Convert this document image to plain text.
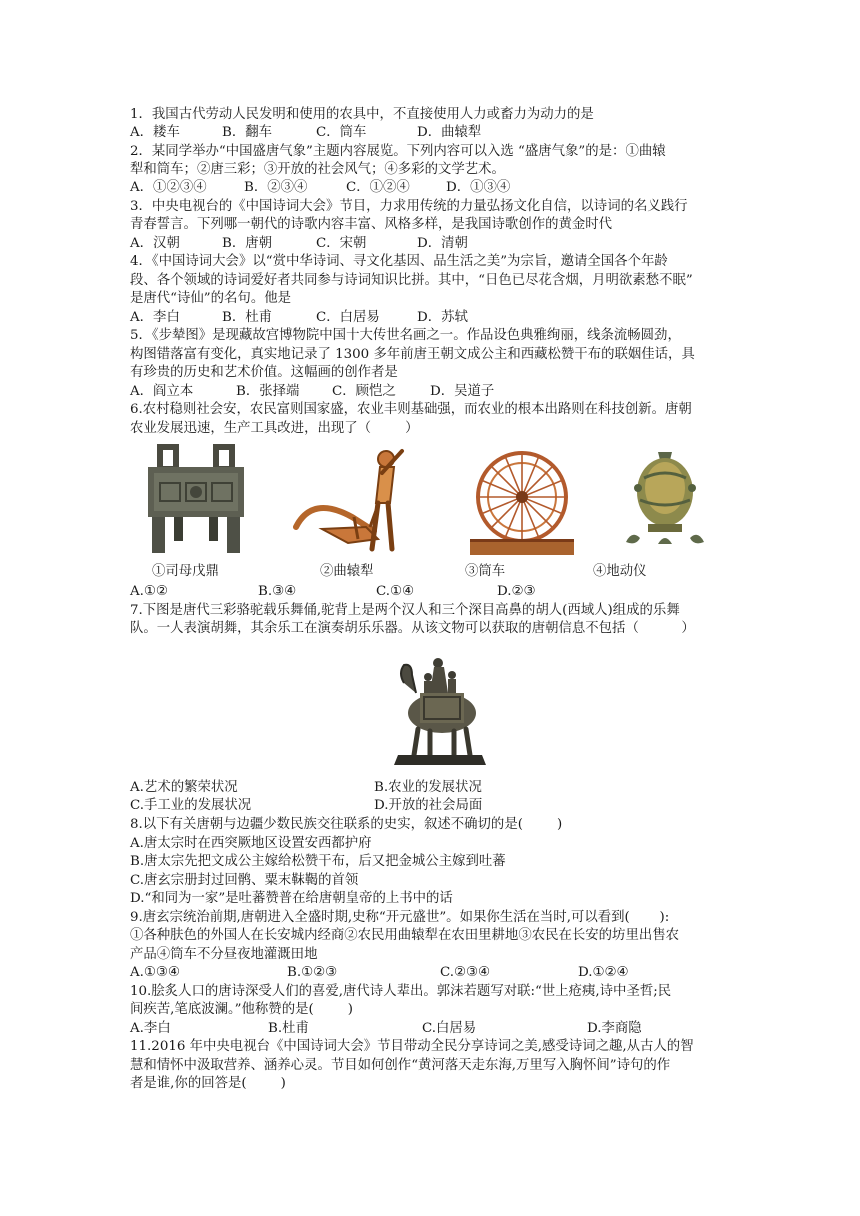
1．我国古代劳动人民发明和使用的农具中，不直接使用人力或畜力为动力的是
A．耧车	B．翻车	C．筒车	D．曲辕犁
2．某同学举办“中国盛唐气象”主题内容展览。下列内容可以入选 “盛唐气象”的是：①曲辕
犁和筒车；②唐三彩；③开放的社会风气；④多彩的文学艺术。
A．①②③④	B．②③④	C．①②④	D．①③④
3．中央电视台的《中国诗词大会》节目，力求用传统的力量弘扬文化自信，以诗词的名义践行
青春誓言。下列哪一朝代的诗歌内容丰富、风格多样，是我国诗歌创作的黄金时代
A．汉朝	B．唐朝	C．宋朝	D．清朝
4．《中国诗词大会》以“赏中华诗词、寻文化基因、品生活之美”为宗旨，邀请全国各个年龄
段、各个领域的诗词爱好者共同参与诗词知识比拼。其中，“日色已尽花含烟，月明欲素愁不眠”
是唐代“诗仙”的名句。他是
A．李白	B．杜甫	C．白居易	D．苏轼
5．《步辇图》是现藏故宫博物院中国十大传世名画之一。作品设色典雅绚丽，线条流畅圆劲，
构图错落富有变化，真实地记录了 1300 多年前唐王朝文成公主和西藏松赞干布的联姻佳话，具
有珍贵的历史和艺术价值。这幅画的创作者是
A．阎立本	B．张择端 C．顾恺之	D．吴道子
6.农村稳则社会安，农民富则国家盛，农业丰则基础强，而农业的根本出路则在科技创新。唐朝
农业发展迅速，生产工具改进，出现了（        ）
①司母戊鼎	②曲辕犁	③筒车	④地动仪
A.①②	B.③④	C.①④	D.②③
7.下图是唐代三彩骆驼载乐舞俑,驼背上是两个汉人和三个深目高鼻的胡人(西域人)组成的乐舞
队。一人表演胡舞，其余乐工在演奏胡乐乐器。从该文物可以获取的唐朝信息不包括（          ）
A.艺术的繁荣状况	B.农业的发展状况
C.手工业的发展状况	D.开放的社会局面
8.以下有关唐朝与边疆少数民族交往联系的史实，叙述不确切的是(        )
A.唐太宗时在西突厥地区设置安西都护府
B.唐太宗先把文成公主嫁给松赞干布，后又把金城公主嫁到吐蕃
C.唐玄宗册封过回鹘、粟末靺鞨的首领
D.“和同为一家”是吐蕃赞普在给唐朝皇帝的上书中的话
9.唐玄宗统治前期,唐朝进入全盛时期,史称“开元盛世”。如果你生活在当时,可以看到(       ):
①各种肤色的外国人在长安城内经商②农民用曲辕犁在农田里耕地③农民在长安的坊里出售农
产品④筒车不分昼夜地灌溉田地
A.①③④	B.①②③	C.②③④	D.①②④
10.脍炙人口的唐诗深受人们的喜爱,唐代诗人辈出。郭沫若题写对联:“世上疮痍,诗中圣哲;民
间疾苦,笔底波澜。”他称赞的是(        )
A.李白	B.杜甫	C.白居易	D.李商隐
11.2016 年中央电视台《中国诗词大会》节目带动全民分享诗词之美,感受诗词之趣,从古人的智
慧和情怀中汲取营养、涵养心灵。节目如何创作“黄河落天走东海,万里写入胸怀间”诗句的作
者是谁,你的回答是(        )
